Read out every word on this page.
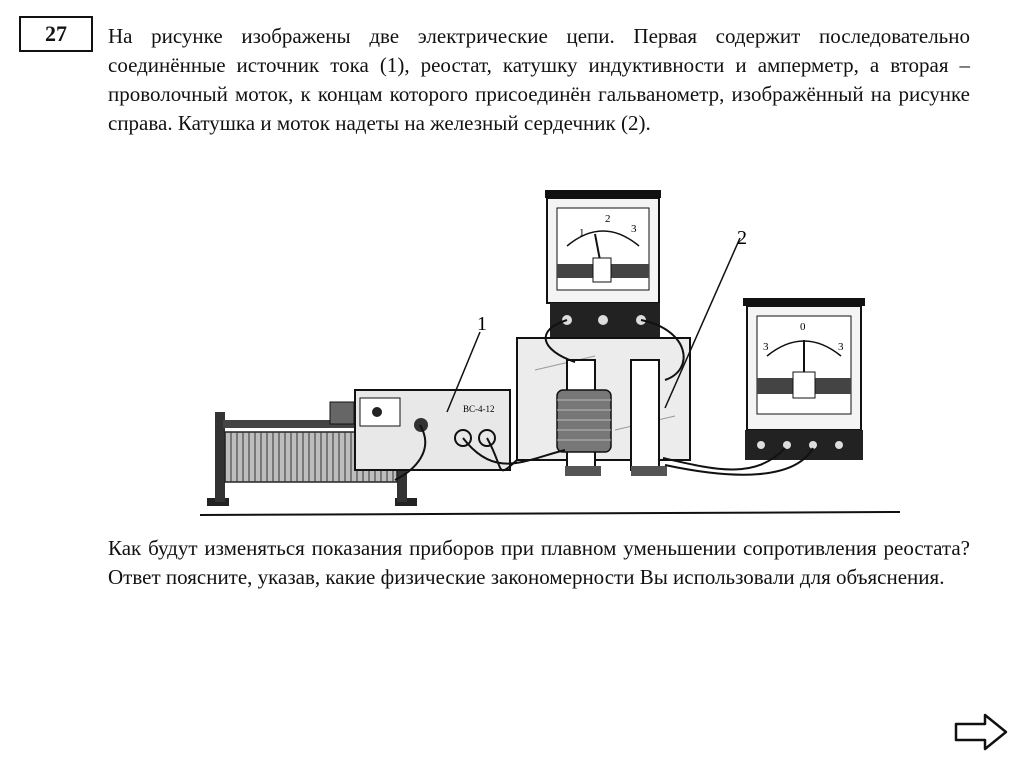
27 На рисунке изображены две электрические цепи. Первая содержит последовательно соединённые источник тока (1), реостат, катушку индуктивности и амперметр, а вторая – проволочный моток, к концам которого присоединён гальванометр, изображённый на рисунке справа. Катушка и моток надеты на железный сердечник (2).

ВС-4-12
1
2
3
3
0
3
1
2

Как будут изменяться показания приборов при плавном уменьшении сопротивления реостата? Ответ поясните, указав, какие физические закономерности Вы использовали для объяснения.
